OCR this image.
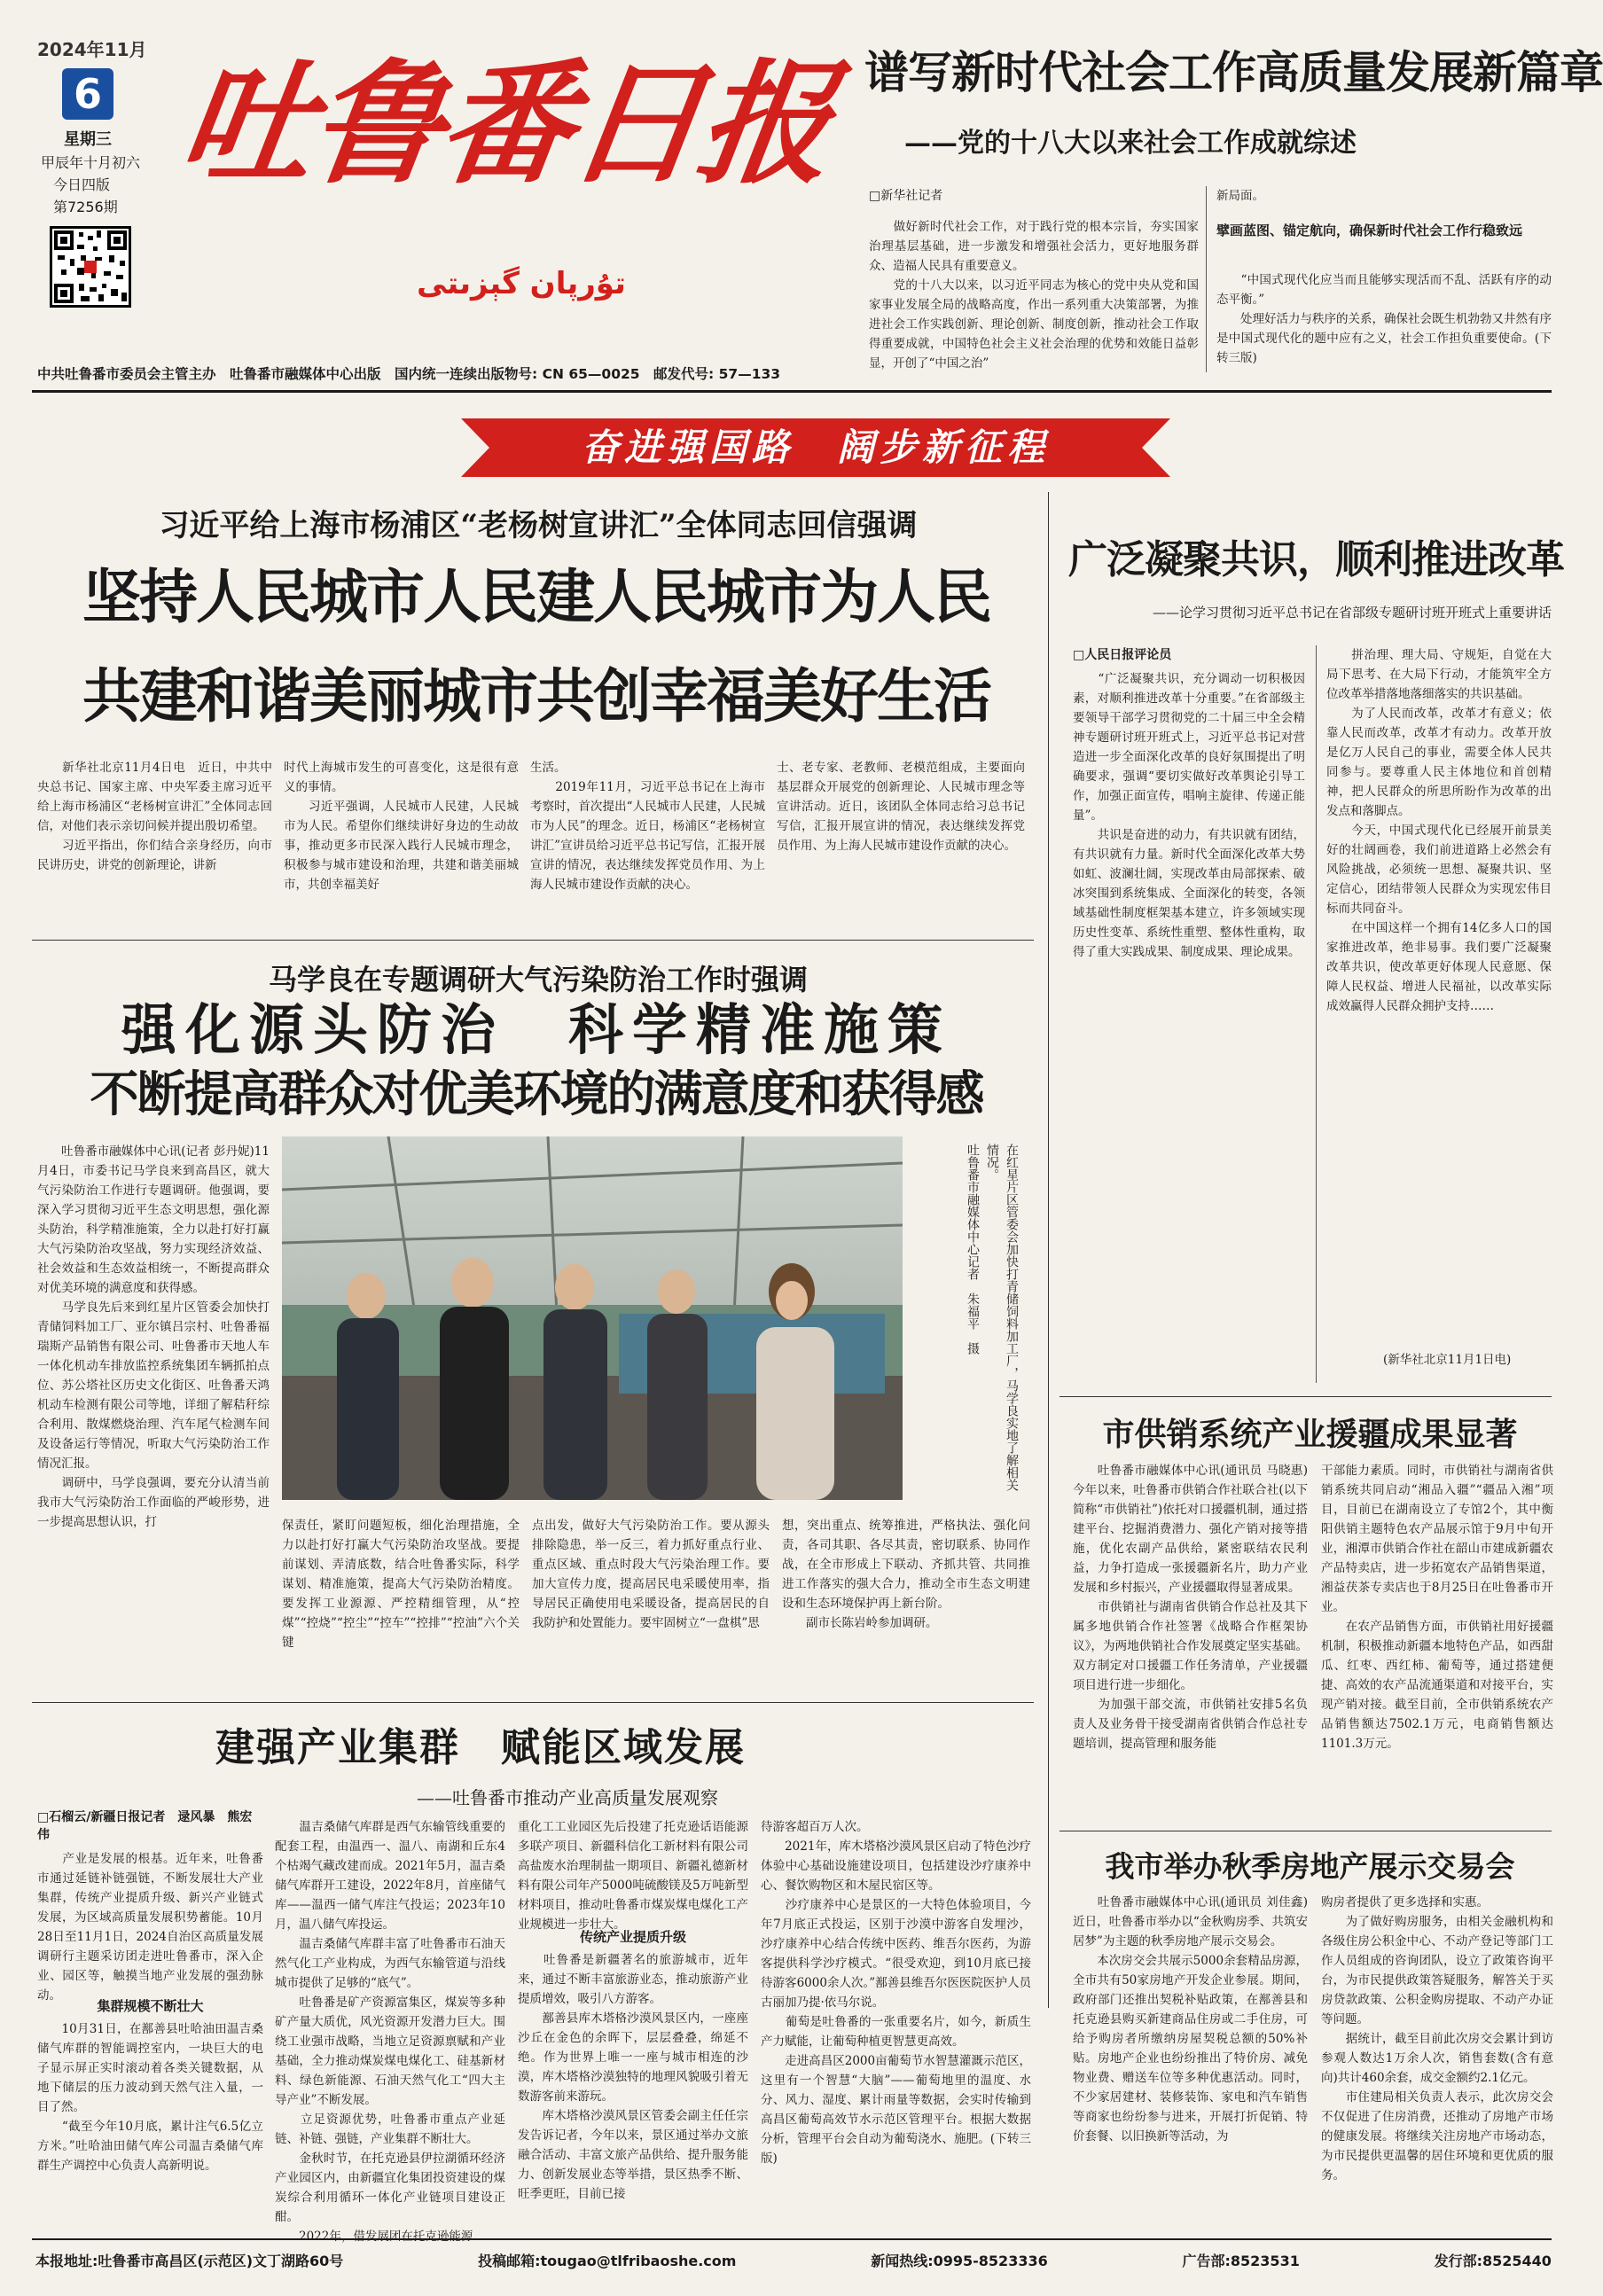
2024年11月
6
星期三
甲辰年十月初六
今日四版
第7256期
吐鲁番日报
تۇرپان گېزىتى
中共吐鲁番市委员会主管主办　吐鲁番市融媒体中心出版　国内统一连续出版物号: CN 65—0025　邮发代号: 57—133
谱写新时代社会工作高质量发展新篇章
——党的十八大以来社会工作成就综述
□新华社记者
　　做好新时代社会工作，对于践行党的根本宗旨，夯实国家治理基层基础，进一步激发和增强社会活力，更好地服务群众、造福人民具有重要意义。
　　党的十八大以来，以习近平同志为核心的党中央从党和国家事业发展全局的战略高度，作出一系列重大决策部署，为推进社会工作实践创新、理论创新、制度创新，推动社会工作取得重要成就，中国特色社会主义社会治理的优势和效能日益彰显，开创了“中国之治”
新局面。
擘画蓝图、锚定航向，确保新时代社会工作行稳致远
　　“中国式现代化应当而且能够实现活而不乱、活跃有序的动态平衡。”
　　处理好活力与秩序的关系，确保社会既生机勃勃又井然有序是中国式现代化的题中应有之义，社会工作担负重要使命。(下转三版)
奋进强国路　阔步新征程
习近平给上海市杨浦区“老杨树宣讲汇”全体同志回信强调
坚持人民城市人民建人民城市为人民
共建和谐美丽城市共创幸福美好生活
　　新华社北京11月4日电　近日，中共中央总书记、国家主席、中央军委主席习近平给上海市杨浦区“老杨树宣讲汇”全体同志回信，对他们表示亲切问候并提出殷切希望。
　　习近平指出，你们结合亲身经历，向市民讲历史，讲党的创新理论，讲新
时代上海城市发生的可喜变化，这是很有意义的事情。
　　习近平强调，人民城市人民建，人民城市为人民。希望你们继续讲好身边的生动故事，推动更多市民深入践行人民城市理念，积极参与城市建设和治理，共建和谐美丽城市，共创幸福美好
生活。
　　2019年11月，习近平总书记在上海市考察时，首次提出“人民城市人民建，人民城市为人民”的理念。近日，杨浦区“老杨树宣讲汇”宣讲员给习近平总书记写信，汇报开展宣讲的情况，表达继续发挥党员作用、为上海人民城市建设作贡献的决心。
士、老专家、老教师、老模范组成，主要面向基层群众开展党的创新理论、人民城市理念等宣讲活动。近日，该团队全体同志给习总书记写信，汇报开展宣讲的情况，表达继续发挥党员作用、为上海人民城市建设作贡献的决心。
马学良在专题调研大气污染防治工作时强调
强化源头防治　科学精准施策
不断提高群众对优美环境的满意度和获得感
　　吐鲁番市融媒体中心讯(记者 彭丹妮)11月4日，市委书记马学良来到高昌区，就大气污染防治工作进行专题调研。他强调，要深入学习贯彻习近平生态文明思想，强化源头防治，科学精准施策，全力以赴打好打赢大气污染防治攻坚战，努力实现经济效益、社会效益和生态效益相统一，不断提高群众对优美环境的满意度和获得感。
　　马学良先后来到红星片区管委会加快打青储饲料加工厂、亚尔镇吕宗村、吐鲁番福瑞斯产品销售有限公司、吐鲁番市天地人车一体化机动车排放监控系统集团车辆抓拍点位、苏公塔社区历史文化街区、吐鲁番天鸿机动车检测有限公司等地，详细了解秸秆综合利用、散煤燃烧治理、汽车尾气检测车间及设备运行等情况，听取大气污染防治工作情况汇报。
　　调研中，马学良强调，要充分认清当前我市大气污染防治工作面临的严峻形势，进一步提高思想认识，打
在红星片区管委会加快打青储饲料加工厂，马学良实地了解相关情况。
吐鲁番市融媒体中心记者　朱福平　摄
保责任，紧盯问题短板，细化治理措施，全力以赴打好打赢大气污染防治攻坚战。要提前谋划、弄清底数，结合吐鲁番实际，科学谋划、精准施策，提高大气污染防治精度。要发挥工业源源、严控精细管理，从“控煤”“控烧”“控尘”“控车”“控排”“控油”六个关键
点出发，做好大气污染防治工作。要从源头排除隐患，举一反三，着力抓好重点行业、重点区域、重点时段大气污染治理工作。要加大宣传力度，提高居民电采暖使用率，指导居民正确使用电采暖设备，提高居民的自我防护和处置能力。要牢固树立“一盘棋”思
想，突出重点、统筹推进，严格执法、强化问责，各司其职、各尽其责，密切联系、协同作战，在全市形成上下联动、齐抓共管、共同推进工作落实的强大合力，推动全市生态文明建设和生态环境保护再上新台阶。
　　副市长陈岩岭参加调研。
建强产业集群　赋能区域发展
——吐鲁番市推动产业高质量发展观察
□石榴云/新疆日报记者　逯风暴　熊宏伟
　　产业是发展的根基。近年来，吐鲁番市通过延链补链强链，不断发展壮大产业集群，传统产业提质升级、新兴产业链式发展，为区域高质量发展积势蓄能。10月28日至11月1日，2024自治区高质量发展调研行主题采访团走进吐鲁番市，深入企业、园区等，触摸当地产业发展的强劲脉动。
集群规模不断壮大
　　10月31日，在鄯善县吐哈油田温吉桑储气库群的智能调控室内，一块巨大的电子显示屏正实时滚动着各类关键数据，从地下储层的压力波动到天然气注入量，一目了然。
　　“截至今年10月底，累计注气6.5亿立方米。”吐哈油田储气库公司温吉桑储气库群生产调控中心负责人高新明说。
　　温吉桑储气库群是西气东输管线重要的配套工程，由温西一、温八、南湖和丘东4个枯竭气藏改建而成。2021年5月，温吉桑储气库群开工建设，2022年8月，首座储气库——温西一储气库注气投运；2023年10月，温八储气库投运。
　　温吉桑储气库群丰富了吐鲁番市石油天然气化工产业构成，为西气东输管道与沿线城市提供了足够的“底气”。
　　吐鲁番是矿产资源富集区，煤炭等多种矿产量大质优，风光资源开发潜力巨大。围绕工业强市战略，当地立足资源禀赋和产业基础，全力推动煤炭煤电煤化工、硅基新材料、绿色新能源、石油天然气化工“四大主导产业”不断发展。
　　立足资源优势，吐鲁番市重点产业延链、补链、强链，产业集群不断壮大。
　　金秋时节，在托克逊县伊拉湖循环经济产业园区内，由新疆宜化集团投资建设的煤炭综合利用循环一体化产业链项目建设正酣。
　　2022年，借发展团在托克逊能源
重化工工业园区先后投建了托克逊话语能源多联产项目、新疆科信化工新材料有限公司高盐废水治理制盐一期项目、新疆礼德新材料有限公司年产5000吨硫酸镁及5万吨新型材料项目，推动吐鲁番市煤炭煤电煤化工产业规模进一步壮大。
传统产业提质升级
　　吐鲁番是新疆著名的旅游城市，近年来，通过不断丰富旅游业态，推动旅游产业提质增效，吸引八方游客。
　　鄯善县库木塔格沙漠风景区内，一座座沙丘在金色的余晖下，层层叠叠，绵延不绝。作为世界上唯一一座与城市相连的沙漠，库木塔格沙漠独特的地理风貌吸引着无数游客前来游玩。
　　库木塔格沙漠风景区管委会副主任任宗发告诉记者，今年以来，景区通过举办文旅融合活动、丰富文旅产品供给、提升服务能力、创新发展业态等举措，景区热季不断、旺季更旺，目前已接
待游客超百万人次。
　　2021年，库木塔格沙漠风景区启动了特色沙疗体验中心基础设施建设项目，包括建设沙疗康养中心、餐饮购物区和木屋民宿区等。
　　沙疗康养中心是景区的一大特色体验项目，今年7月底正式投运，区别于沙漠中游客自发埋沙，沙疗康养中心结合传统中医药、维吾尔医药，为游客提供科学沙疗模式。“很受欢迎，到10月底已接待游客6000余人次。”鄯善县维吾尔医医院医护人员古丽加乃提·依马尔说。
　　葡萄是吐鲁番的一张重要名片，如今，新质生产力赋能，让葡萄种植更智慧更高效。
　　走进高昌区2000亩葡萄节水智慧灌溉示范区，这里有一个智慧“大脑”——葡萄地里的温度、水分、风力、湿度、累计雨量等数据，会实时传输到高昌区葡萄高效节水示范区管理平台。根据大数据分析，管理平台会自动为葡萄浇水、施肥。(下转三版)
广泛凝聚共识，顺利推进改革
——论学习贯彻习近平总书记在省部级专题研讨班开班式上重要讲话
□人民日报评论员
　　“广泛凝聚共识，充分调动一切积极因素，对顺利推进改革十分重要。”在省部级主要领导干部学习贯彻党的二十届三中全会精神专题研讨班开班式上，习近平总书记对营造进一步全面深化改革的良好氛围提出了明确要求，强调“要切实做好改革舆论引导工作，加强正面宣传，唱响主旋律、传递正能量”。
　　共识是奋进的动力，有共识就有团结，有共识就有力量。新时代全面深化改革大势如虹、波澜壮阔，实现改革由局部探索、破冰突围到系统集成、全面深化的转变，各领域基础性制度框架基本建立，许多领域实现历史性变革、系统性重塑、整体性重构，取得了重大实践成果、制度成果、理论成果。
　　拼治理、理大局、守规矩，自觉在大局下思考、在大局下行动，才能筑牢全方位改革举措落地落细落实的共识基础。
　　为了人民而改革，改革才有意义；依靠人民而改革，改革才有动力。改革开放是亿万人民自己的事业，需要全体人民共同参与。要尊重人民主体地位和首创精神，把人民群众的所思所盼作为改革的出发点和落脚点。
　　今天，中国式现代化已经展开前景美好的壮阔画卷，我们前进道路上必然会有风险挑战，必须统一思想、凝聚共识、坚定信心，团结带领人民群众为实现宏伟目标而共同奋斗。
　　在中国这样一个拥有14亿多人口的国家推进改革，绝非易事。我们要广泛凝聚改革共识，使改革更好体现人民意愿、保障人民权益、增进人民福祉，以改革实际成效赢得人民群众拥护支持……
(新华社北京11月1日电)
市供销系统产业援疆成果显著
　　吐鲁番市融媒体中心讯(通讯员 马晓惠)今年以来，吐鲁番市供销合作社联合社(以下简称“市供销社”)依托对口援疆机制，通过搭建平台、挖掘消费潜力、强化产销对接等措施，优化农副产品供给，紧密联结农民利益，力争打造成一张援疆新名片，助力产业发展和乡村振兴，产业援疆取得显著成果。
　　市供销社与湖南省供销合作总社及其下属多地供销合作社签署《战略合作框架协议》，为两地供销社合作发展奠定坚实基础。双方制定对口援疆工作任务清单，产业援疆项目进行进一步细化。
　　为加强干部交流，市供销社安排5名负责人及业务骨干接受湖南省供销合作总社专题培训，提高管理和服务能
干部能力素质。同时，市供销社与湖南省供销系统共同启动“湘品入疆”“疆品入湘”项目，目前已在湖南设立了专馆2个，其中衡阳供销主题特色农产品展示馆于9月中旬开业，湘潭市供销合作社在韶山市建成新疆农产品特卖店，进一步拓宽农产品销售渠道，湘益茯茶专卖店也于8月25日在吐鲁番市开业。
　　在农产品销售方面，市供销社用好援疆机制，积极推动新疆本地特色产品，如西甜瓜、红枣、西红柿、葡萄等，通过搭建便捷、高效的农产品流通渠道和对接平台，实现产销对接。截至目前，全市供销系统农产品销售额达7502.1万元，电商销售额达1101.3万元。
我市举办秋季房地产展示交易会
　　吐鲁番市融媒体中心讯(通讯员 刘佳鑫)近日，吐鲁番市举办以“金秋购房季、共筑安居梦”为主题的秋季房地产展示交易会。
　　本次房交会共展示5000余套精品房源，全市共有50家房地产开发企业参展。期间，政府部门还推出契税补贴政策，在鄯善县和托克逊县购买新建商品住房或二手住房，可给予购房者所缴纳房屋契税总额的50%补贴。房地产企业也纷纷推出了特价房、减免物业费、赠送车位等多种优惠活动。同时，不少家居建材、装修装饰、家电和汽车销售等商家也纷纷参与进来，开展打折促销、特价套餐、以旧换新等活动，为
购房者提供了更多选择和实惠。
　　为了做好购房服务，由相关金融机构和各级住房公积金中心、不动产登记等部门工作人员组成的咨询团队，设立了政策咨询平台，为市民提供政策答疑服务，解答关于买房贷款政策、公积金购房提取、不动产办证等问题。
　　据统计，截至目前此次房交会累计到访参观人数达1万余人次，销售套数(含有意向)共计460余套，成交金额约2.1亿元。
　　市住建局相关负责人表示，此次房交会不仅促进了住房消费，还推动了房地产市场的健康发展。将继续关注房地产市场动态，为市民提供更温馨的居住环境和更优质的服务。
本报地址:吐鲁番市高昌区(示范区)文丁湖路60号	投稿邮箱:tougao@tlfribaoshe.com	新闻热线:0995-8523336	广告部:8523531	发行部:8525440
